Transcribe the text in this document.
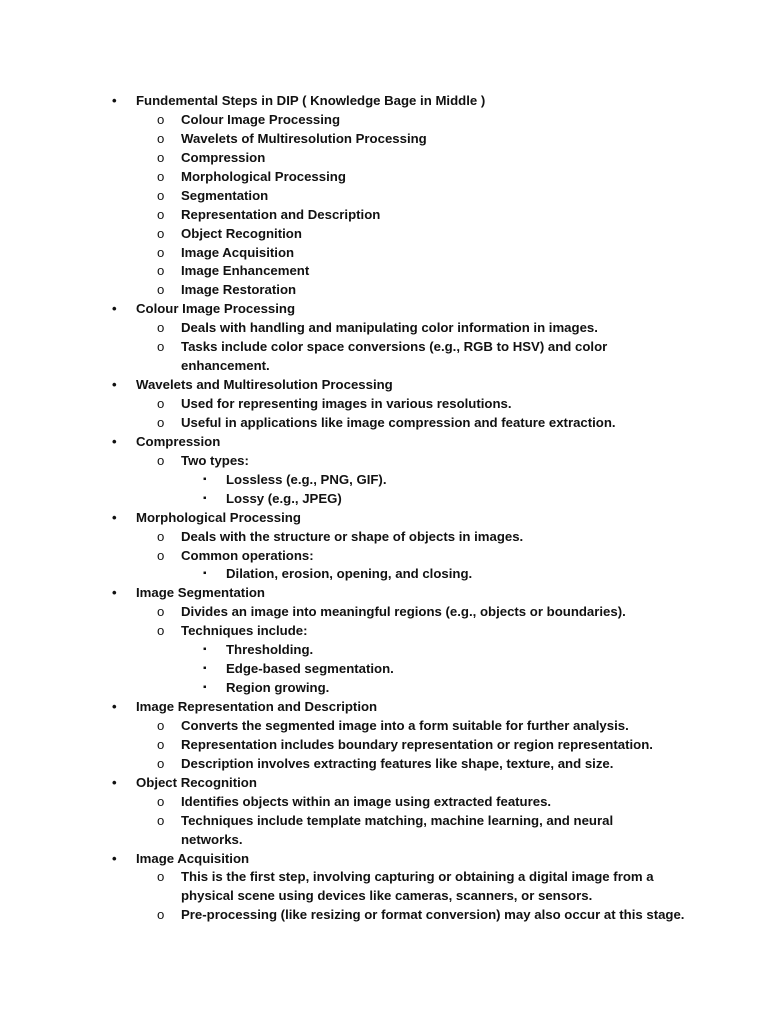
• Fundemental Steps in DIP ( Knowledge Bage in Middle )
o Colour Image Processing
o Wavelets of Multiresolution Processing
o Compression
o Morphological Processing
o Segmentation
o Representation and Description
o Object Recognition
o Image Acquisition
o Image Enhancement
o Image Restoration
• Colour Image Processing
o Deals with handling and manipulating color information in images.
o Tasks include color space conversions (e.g., RGB to HSV) and color
enhancement.
• Wavelets and Multiresolution Processing
o Used for representing images in various resolutions.
o Useful in applications like image compression and feature extraction.
• Compression
o Two types:
▪ Lossless (e.g., PNG, GIF).
▪ Lossy (e.g., JPEG)
• Morphological Processing
o Deals with the structure or shape of objects in images.
o Common operations:
▪ Dilation, erosion, opening, and closing.
• Image Segmentation
o Divides an image into meaningful regions (e.g., objects or boundaries).
o Techniques include:
▪ Thresholding.
▪ Edge-based segmentation.
▪ Region growing.
• Image Representation and Description
o Converts the segmented image into a form suitable for further analysis.
o Representation includes boundary representation or region representation.
o Description involves extracting features like shape, texture, and size.
• Object Recognition
o Identifies objects within an image using extracted features.
o Techniques include template matching, machine learning, and neural
networks.
• Image Acquisition
o This is the first step, involving capturing or obtaining a digital image from a
physical scene using devices like cameras, scanners, or sensors.
o Pre-processing (like resizing or format conversion) may also occur at this stage.
